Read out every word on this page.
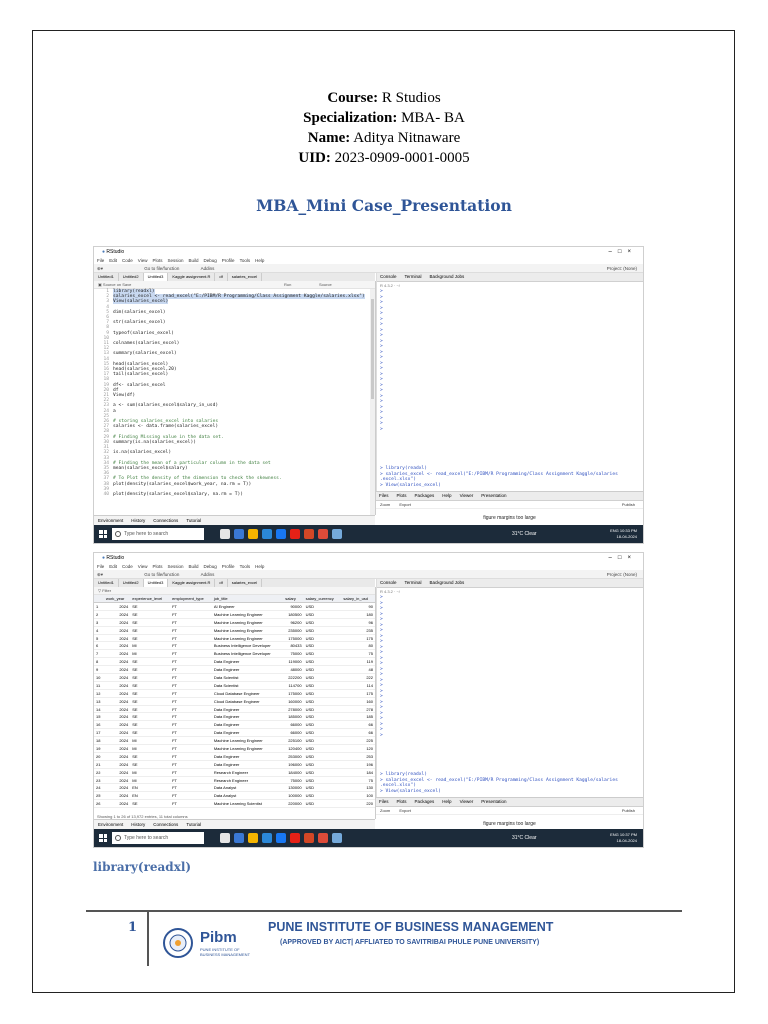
Course: R Studios
Specialization: MBA- BA
Name: Aditya Nitnaware
UID: 2023-0909-0001-0005
MBA_Mini Case_Presentation
● RStudio	–□×
File Edit Code View Plots Session Build Debug Profile Tools Help
⊕▾	Go to file/function	Addins	Project: (None)
Untitled1 Untitled2 Untitled3 Kaggle assignment.R df salaries_excel
▣ Source on Save	Run	Source
1 library(readxl)
2 salaries_excel <- read_excel("E:/PIBM/R Programming/Class Assignment Kaggle/salaries.xlsx")
3 View(salaries_excel)
4
5 dim(salaries_excel)
6
7 str(salaries_excel)
8
9 typeof(salaries_excel)
10
11 colnames(salaries_excel)
12
13 summary(salaries_excel)
14
15 head(salaries_excel)
16 head(salaries_excel,20)
17 tail(salaries_excel)
18
19 df<- salaries_excel
20 df
21 View(df)
22
23 a <- sum(salaries_excel$salary_in_usd)
24 a
25
26 # storing salaries_excel into salaries
27 salaries <- data.frame(salaries_excel)
28
29 # Finding Missing value in the data set.
30 summary(is.na(salaries_excel))
31
32 is.na(salaries_excel)
33
34 # Finding the mean of a particular column in the data set
35 mean(salaries_excel$salary)
36
37 # To Plot the density of the dimension to check the skewness.
38 plot(density(salaries_excel$work_year, na.rm = T))
39
40 plot(density(salaries_excel$salary, na.rm = T))
Environment History Connections Tutorial
Console Terminal Background Jobs
R 4.3.2 · ~/
>
>
>
>
>
>
>
>
>
>
>
>
>
>
>
>
>
>
>
>
>
>
>
>
>
>
> library(readxl)
> salaries_excel <- read_excel("E:/PIBM/R Programming/Class Assignment Kaggle/salaries
.excel.xlsx")
> View(salaries_excel)
Files Plots Packages Help Viewer Presentation
Zoom Export	Publish
figure margins too large
Type here to search	31°C Clear
ENG 10:33 PM
18-04-2024
● RStudio	–□×
File Edit Code View Plots Session Build Debug Profile Tools Help
⊕▾	Go to file/function	Addins	Project: (None)
Untitled1 Untitled2 Untitled3 Kaggle assignment.R df salaries_excel
▽ Filter
	work_year	experience_level	employment_type	job_title	salary	salary_currency	salary_in_usd
1	2024	SE	FT	AI Engineer	90000	USD	90
2	2024	SE	FT	Machine Learning Engineer	180500	USD	180
3	2024	SE	FT	Machine Learning Engineer	96200	USD	96
4	2024	SE	FT	Machine Learning Engineer	235000	USD	235
5	2024	SE	FT	Machine Learning Engineer	175000	USD	175
6	2024	MI	FT	Business Intelligence Developer	80433	USD	80
7	2024	MI	FT	Business Intelligence Developer	75000	USD	75
8	2024	SE	FT	Data Engineer	119000	USD	119
9	2024	SE	FT	Data Engineer	48000	USD	48
10	2024	SE	FT	Data Scientist	222200	USD	222
11	2024	SE	FT	Data Scientist	114700	USD	114
12	2024	SE	FT	Cloud Database Engineer	175000	USD	175
13	2024	SE	FT	Cloud Database Engineer	160000	USD	160
14	2024	SE	FT	Data Engineer	278000	USD	278
15	2024	SE	FT	Data Engineer	185000	USD	185
16	2024	SE	FT	Data Engineer	66000	USD	66
17	2024	SE	FT	Data Engineer	66000	USD	66
18	2024	MI	FT	Machine Learning Engineer	225100	USD	225
19	2024	MI	FT	Machine Learning Engineer	120400	USD	120
20	2024	SE	FT	Data Engineer	253000	USD	253
21	2024	SE	FT	Data Engineer	196000	USD	196
22	2024	MI	FT	Research Engineer	184000	USD	184
23	2024	MI	FT	Research Engineer	75000	USD	75
24	2024	EN	FT	Data Analyst	130000	USD	130
25	2024	EN	FT	Data Analyst	100000	USD	100
26	2024	SE	FT	Machine Learning Scientist	220000	USD	220
Showing 1 to 26 of 13,972 entries, 11 total columns
Environment History Connections Tutorial
Console Terminal Background Jobs
R 4.3.2 · ~/
>
>
>
>
>
>
>
>
>
>
>
>
>
>
>
>
>
>
>
>
>
>
>
>
>
>
> library(readxl)
> salaries_excel <- read_excel("E:/PIBM/R Programming/Class Assignment Kaggle/salaries
.excel.xlsx")
> View(salaries_excel)
Files Plots Packages Help Viewer Presentation
Zoom Export	Publish
figure margins too large
Type here to search	31°C Clear
ENG 10:37 PM
18-04-2024
library(readxl)
1
Pibm
PUNE INSTITUTE OF
BUSINESS MANAGEMENT
PUNE INSTITUTE OF BUSINESS MANAGEMENT
(APPROVED BY AICT| AFFLIATED TO SAVITRIBAI PHULE PUNE UNIVERSITY)
